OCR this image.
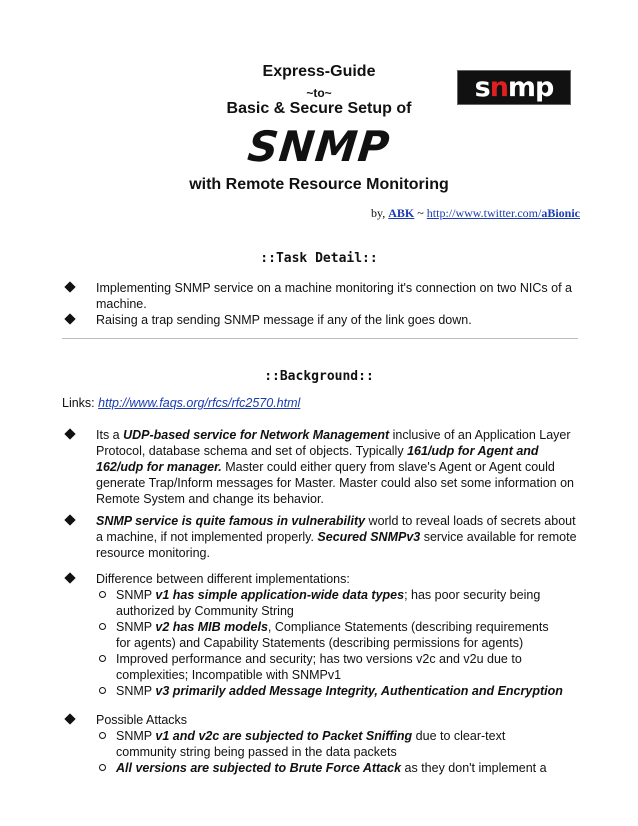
Express-Guide
~to~
Basic & Secure Setup of
SNMP
with Remote Resource Monitoring
snmp
by, ABK ~ http://www.twitter.com/aBionic
::Task Detail::
Implementing SNMP service on a machine monitoring it's connection on two NICs of a machine.
Raising a trap sending SNMP message if any of the link goes down.
::Background::
Links: http://www.faqs.org/rfcs/rfc2570.html
Its a UDP-based service for Network Management inclusive of an Application Layer Protocol, database schema and set of objects. Typically 161/udp for Agent and 162/udp for manager. Master could either query from slave's Agent or Agent could generate Trap/Inform messages for Master. Master could also set some information on Remote System and change its behavior.
SNMP service is quite famous in vulnerability world to reveal loads of secrets about a machine, if not implemented properly. Secured SNMPv3 service available for remote resource monitoring.
Difference between different implementations:
SNMP v1 has simple application-wide data types; has poor security being authorized by Community String
SNMP v2 has MIB models, Compliance Statements (describing requirements for agents) and Capability Statements (describing permissions for agents)
Improved performance and security; has two versions v2c and v2u due to complexities; Incompatible with SNMPv1
SNMP v3 primarily added Message Integrity, Authentication and Encryption
Possible Attacks
SNMP v1 and v2c are subjected to Packet Sniffing due to clear-text community string being passed in the data packets
All versions are subjected to Brute Force Attack as they don't implement a
